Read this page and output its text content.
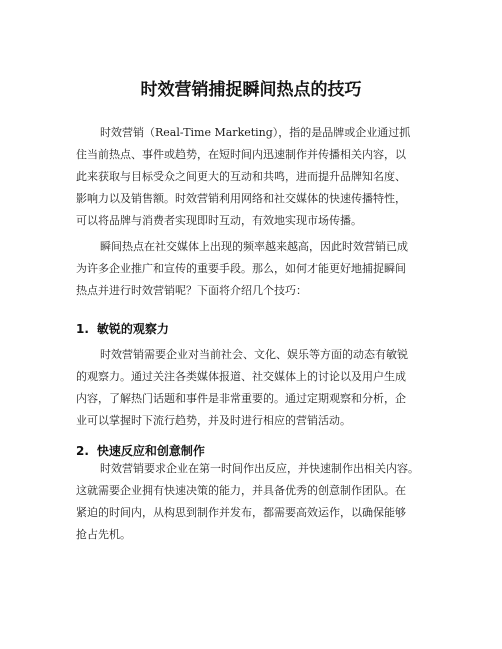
时效营销捕捉瞬间热点的技巧

时效营销（Real-Time Marketing），指的是品牌或企业通过抓
住当前热点、事件或趋势，在短时间内迅速制作并传播相关内容，以
此来获取与目标受众之间更大的互动和共鸣，进而提升品牌知名度、
影响力以及销售额。时效营销利用网络和社交媒体的快速传播特性，
可以将品牌与消费者实现即时互动，有效地实现市场传播。

瞬间热点在社交媒体上出现的频率越来越高，因此时效营销已成
为许多企业推广和宣传的重要手段。那么，如何才能更好地捕捉瞬间
热点并进行时效营销呢？下面将介绍几个技巧：

1. 敏锐的观察力

时效营销需要企业对当前社会、文化、娱乐等方面的动态有敏锐
的观察力。通过关注各类媒体报道、社交媒体上的讨论以及用户生成
内容，了解热门话题和事件是非常重要的。通过定期观察和分析，企
业可以掌握时下流行趋势，并及时进行相应的营销活动。

2. 快速反应和创意制作

时效营销要求企业在第一时间作出反应，并快速制作出相关内容。
这就需要企业拥有快速决策的能力，并具备优秀的创意制作团队。在
紧迫的时间内，从构思到制作并发布，都需要高效运作，以确保能够
抢占先机。
